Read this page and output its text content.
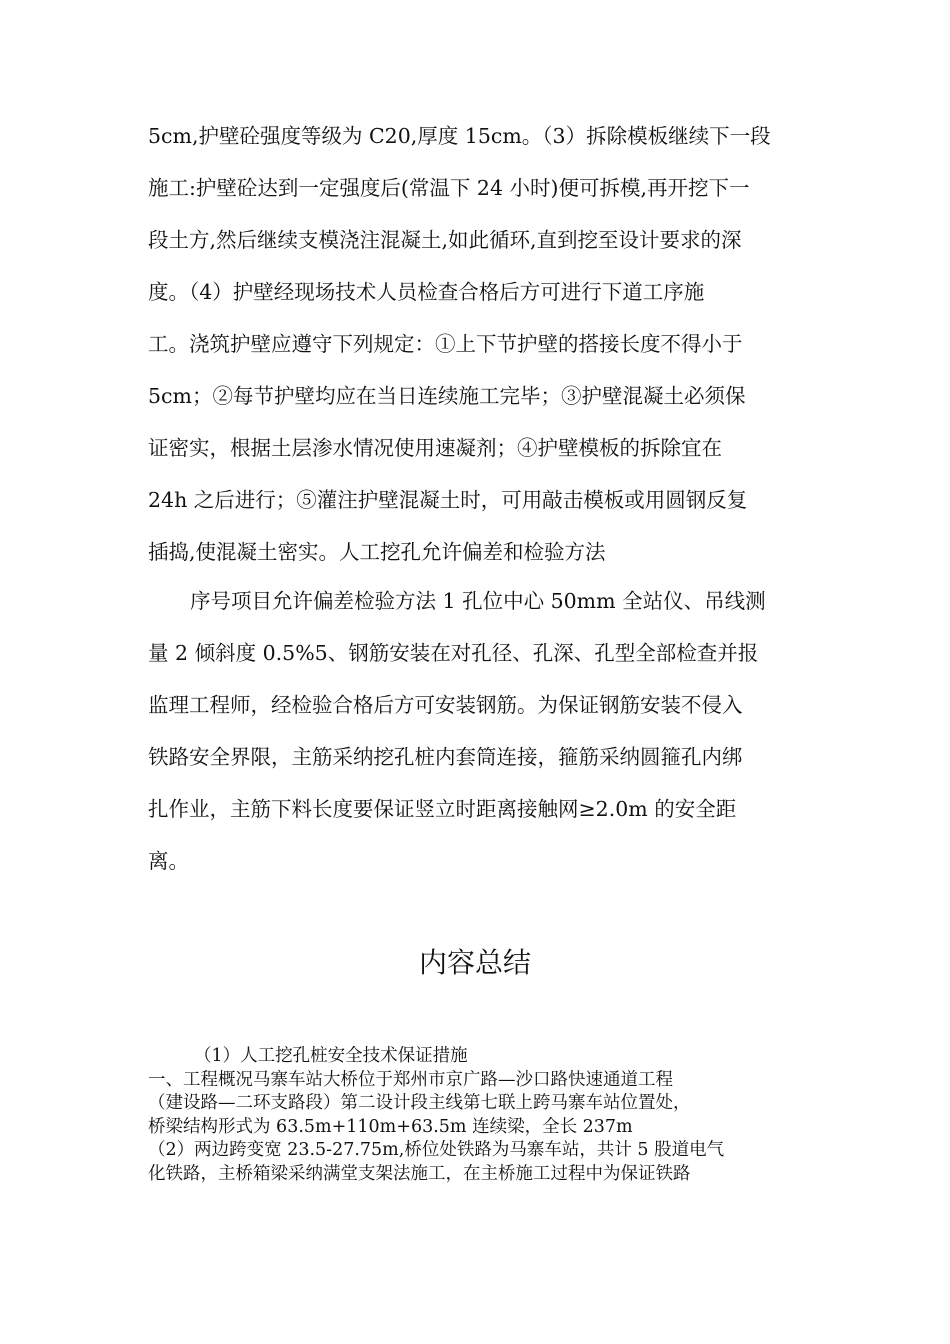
5cm,护壁砼强度等级为 C20,厚度 15cm。（3）拆除模板继续下一段
施工:护壁砼达到一定强度后(常温下 24 小时)便可拆模,再开挖下一
段土方,然后继续支模浇注混凝土,如此循环,直到挖至设计要求的深
度。（4）护壁经现场技术人员检查合格后方可进行下道工序施
工。浇筑护壁应遵守下列规定：①上下节护壁的搭接长度不得小于
5cm；②每节护壁均应在当日连续施工完毕；③护壁混凝土必须保
证密实，根据土层渗水情况使用速凝剂；④护壁模板的拆除宜在
24h 之后进行；⑤灌注护壁混凝土时，可用敲击模板或用圆钢反复
插捣,使混凝土密实。人工挖孔允许偏差和检验方法
序号项目允许偏差检验方法 1 孔位中心 50mm 全站仪、吊线测
量 2 倾斜度 0.5%5、钢筋安装在对孔径、孔深、孔型全部检查并报
监理工程师，经检验合格后方可安装钢筋。为保证钢筋安装不侵入
铁路安全界限，主筋采纳挖孔桩内套筒连接，箍筋采纳圆箍孔内绑
扎作业，主筋下料长度要保证竖立时距离接触网≥2.0m 的安全距
离。
内容总结
（1）人工挖孔桩安全技术保证措施
一、工程概况马寨车站大桥位于郑州市京广路—沙口路快速通道工程
（建设路—二环支路段）第二设计段主线第七联上跨马寨车站位置处，
桥梁结构形式为 63.5m+110m+63.5m 连续梁，全长 237m
（2）两边跨变宽 23.5-27.75m,桥位处铁路为马寨车站，共计 5 股道电气
化铁路，主桥箱梁采纳满堂支架法施工，在主桥施工过程中为保证铁路
